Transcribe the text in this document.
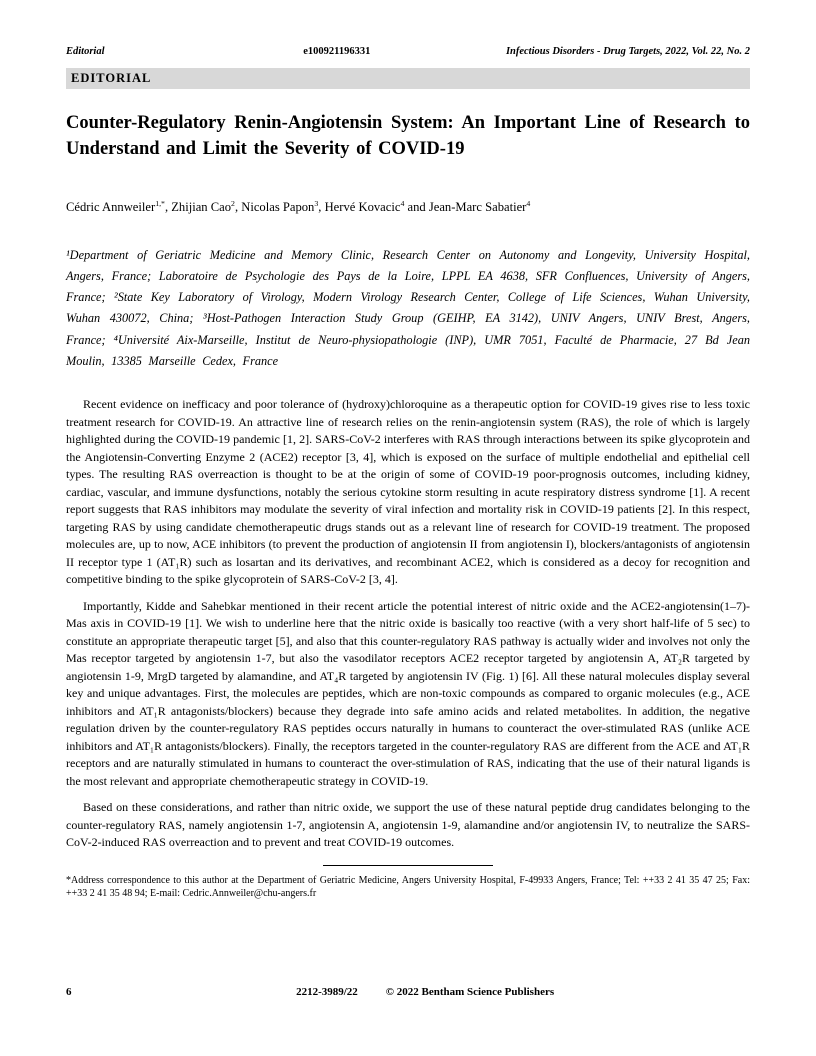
Editorial	e100921196331	Infectious Disorders - Drug Targets, 2022, Vol. 22, No. 2
EDITORIAL
Counter-Regulatory Renin-Angiotensin System: An Important Line of Research to Understand and Limit the Severity of COVID-19
Cédric Annweiler$^{1,*}$, Zhijian Cao$^2$, Nicolas Papon$^3$, Hervé Kovacic$^4$ and Jean-Marc Sabatier$^4$
¹Department of Geriatric Medicine and Memory Clinic, Research Center on Autonomy and Longevity, University Hospital, Angers, France; Laboratoire de Psychologie des Pays de la Loire, LPPL EA 4638, SFR Confluences, University of Angers, France; ²State Key Laboratory of Virology, Modern Virology Research Center, College of Life Sciences, Wuhan University, Wuhan 430072, China; ³Host-Pathogen Interaction Study Group (GEIHP, EA 3142), UNIV Angers, UNIV Brest, Angers, France; ⁴Université Aix-Marseille, Institut de Neuro-physiopathologie (INP), UMR 7051, Faculté de Pharmacie, 27 Bd Jean Moulin, 13385 Marseille Cedex, France

Recent evidence on inefficacy and poor tolerance of (hydroxy)chloroquine as a therapeutic option for COVID-19 gives rise to less toxic treatment research for COVID-19. An attractive line of research relies on the renin-angiotensin system (RAS), the role of which is largely highlighted during the COVID-19 pandemic [1, 2]. SARS-CoV-2 interferes with RAS through interactions between its spike glycoprotein and the Angiotensin-Converting Enzyme 2 (ACE2) receptor [3, 4], which is exposed on the surface of multiple endothelial and epithelial cell types. The resulting RAS overreaction is thought to be at the origin of some of COVID-19 poor-prognosis outcomes, including kidney, cardiac, vascular, and immune dysfunctions, notably the serious cytokine storm resulting in acute respiratory distress syndrome [1]. A recent report suggests that RAS inhibitors may modulate the severity of viral infection and mortality risk in COVID-19 patients [2]. In this respect, targeting RAS by using candidate chemotherapeutic drugs stands out as a relevant line of research for COVID-19 treatment. The proposed molecules are, up to now, ACE inhibitors (to prevent the production of angiotensin II from angiotensin I), blockers/antagonists of angiotensin II receptor type 1 (AT₁R) such as losartan and its derivatives, and recombinant ACE2, which is considered as a decoy for recognition and competitive binding to the spike glycoprotein of SARS-CoV-2 [3, 4].

Importantly, Kidde and Sahebkar mentioned in their recent article the potential interest of nitric oxide and the ACE2-angiotensin(1–7)-Mas axis in COVID-19 [1]. We wish to underline here that the nitric oxide is basically too reactive (with a very short half-life of 5 sec) to constitute an appropriate therapeutic target [5], and also that this counter-regulatory RAS pathway is actually wider and involves not only the Mas receptor targeted by angiotensin 1-7, but also the vasodilator receptors ACE2 receptor targeted by angiotensin A, AT₂R targeted by angiotensin 1-9, MrgD targeted by alamandine, and AT₄R targeted by angiotensin IV (Fig. 1) [6]. All these natural molecules display several key and unique advantages. First, the molecules are peptides, which are non-toxic compounds as compared to organic molecules (e.g., ACE inhibitors and AT₁R antagonists/blockers) because they degrade into safe amino acids and related metabolites. In addition, the negative regulation driven by the counter-regulatory RAS peptides occurs naturally in humans to counteract the over-stimulated RAS (unlike ACE inhibitors and AT₁R antagonists/blockers). Finally, the receptors targeted in the counter-regulatory RAS are different from the ACE and AT₁R receptors and are naturally stimulated in humans to counteract the over-stimulation of RAS, indicating that the use of their natural ligands is the most relevant and appropriate chemotherapeutic strategy in COVID-19.

Based on these considerations, and rather than nitric oxide, we support the use of these natural peptide drug candidates belonging to the counter-regulatory RAS, namely angiotensin 1-7, angiotensin A, angiotensin 1-9, alamandine and/or angiotensin IV, to neutralize the SARS-CoV-2-induced RAS overreaction and to prevent and treat COVID-19 outcomes.

*Address correspondence to this author at the Department of Geriatric Medicine, Angers University Hospital, F-49933 Angers, France; Tel: ++33 2 41 35 47 25; Fax: ++33 2 41 35 48 94; E-mail: Cedric.Annweiler@chu-angers.fr
6	2212-3989/22	© 2022 Bentham Science Publishers
